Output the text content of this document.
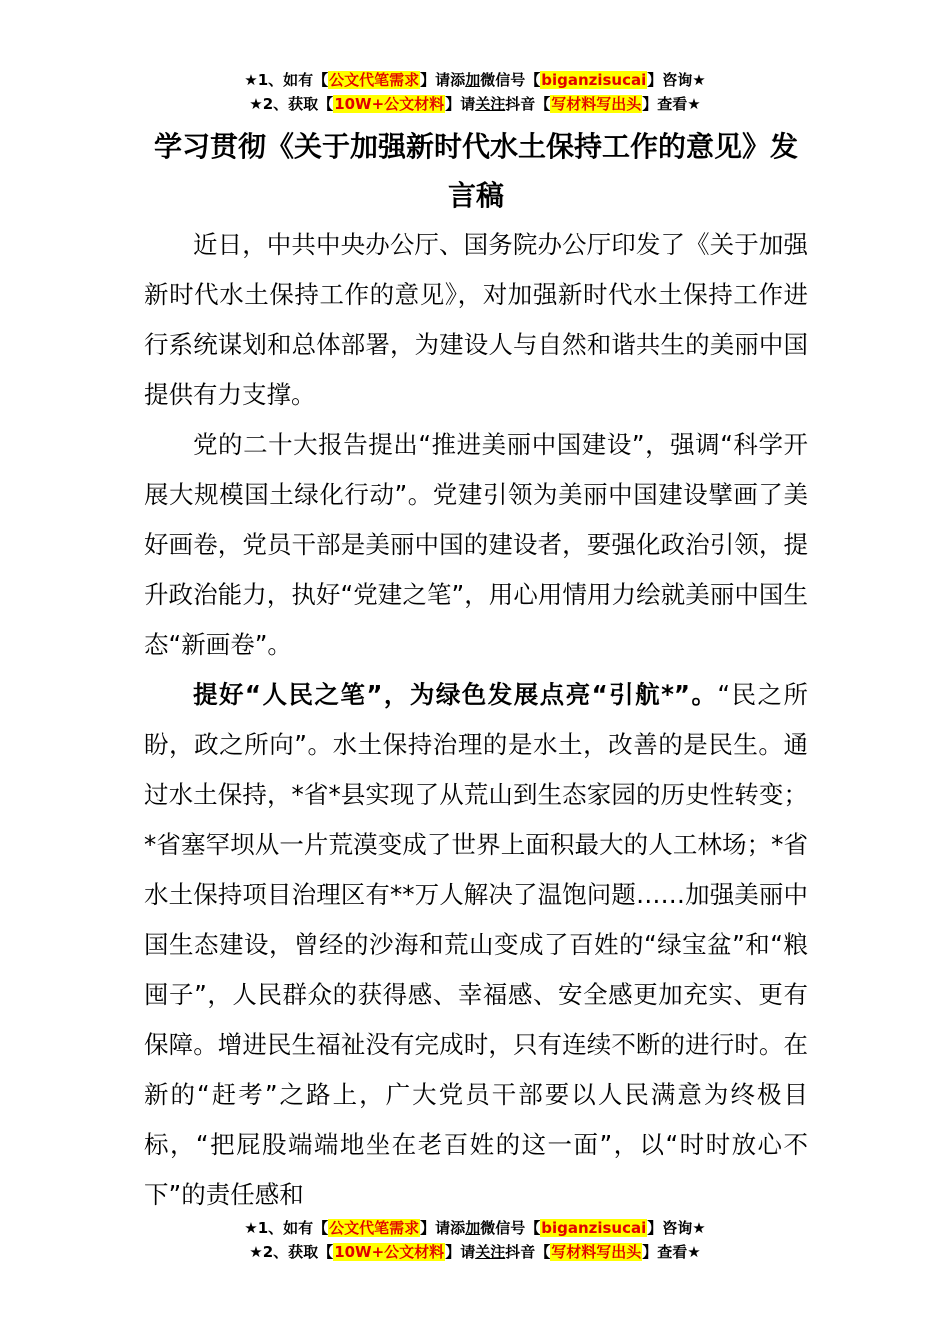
★1、如有【公文代笔需求】请添加微信号【biganzisucai】咨询★
★2、获取【10W+公文材料】请关注抖音【写材料写出头】查看★
学习贯彻《关于加强新时代水土保持工作的意见》发言稿

近日，中共中央办公厅、国务院办公厅印发了《关于加强新时代水土保持工作的意见》，对加强新时代水土保持工作进行系统谋划和总体部署，为建设人与自然和谐共生的美丽中国提供有力支撑。

党的二十大报告提出“推进美丽中国建设”，强调“科学开展大规模国土绿化行动”。党建引领为美丽中国建设擘画了美好画卷，党员干部是美丽中国的建设者，要强化政治引领，提升政治能力，执好“党建之笔”，用心用情用力绘就美丽中国生态“新画卷”。

提好“人民之笔”，为绿色发展点亮“引航*”。“民之所盼，政之所向”。水土保持治理的是水土，改善的是民生。通过水土保持，*省*县实现了从荒山到生态家园的历史性转变；*省塞罕坝从一片荒漠变成了世界上面积最大的人工林场；*省水土保持项目治理区有**万人解决了温饱问题……加强美丽中国生态建设，曾经的沙海和荒山变成了百姓的“绿宝盆”和“粮囤子”，人民群众的获得感、幸福感、安全感更加充实、更有保障。增进民生福祉没有完成时，只有连续不断的进行时。在新的“赶考”之路上，广大党员干部要以人民满意为终极目标，“把屁股端端地坐在老百姓的这一面”，以“时时放心不下”的责任感和

★1、如有【公文代笔需求】请添加微信号【biganzisucai】咨询★
★2、获取【10W+公文材料】请关注抖音【写材料写出头】查看★
